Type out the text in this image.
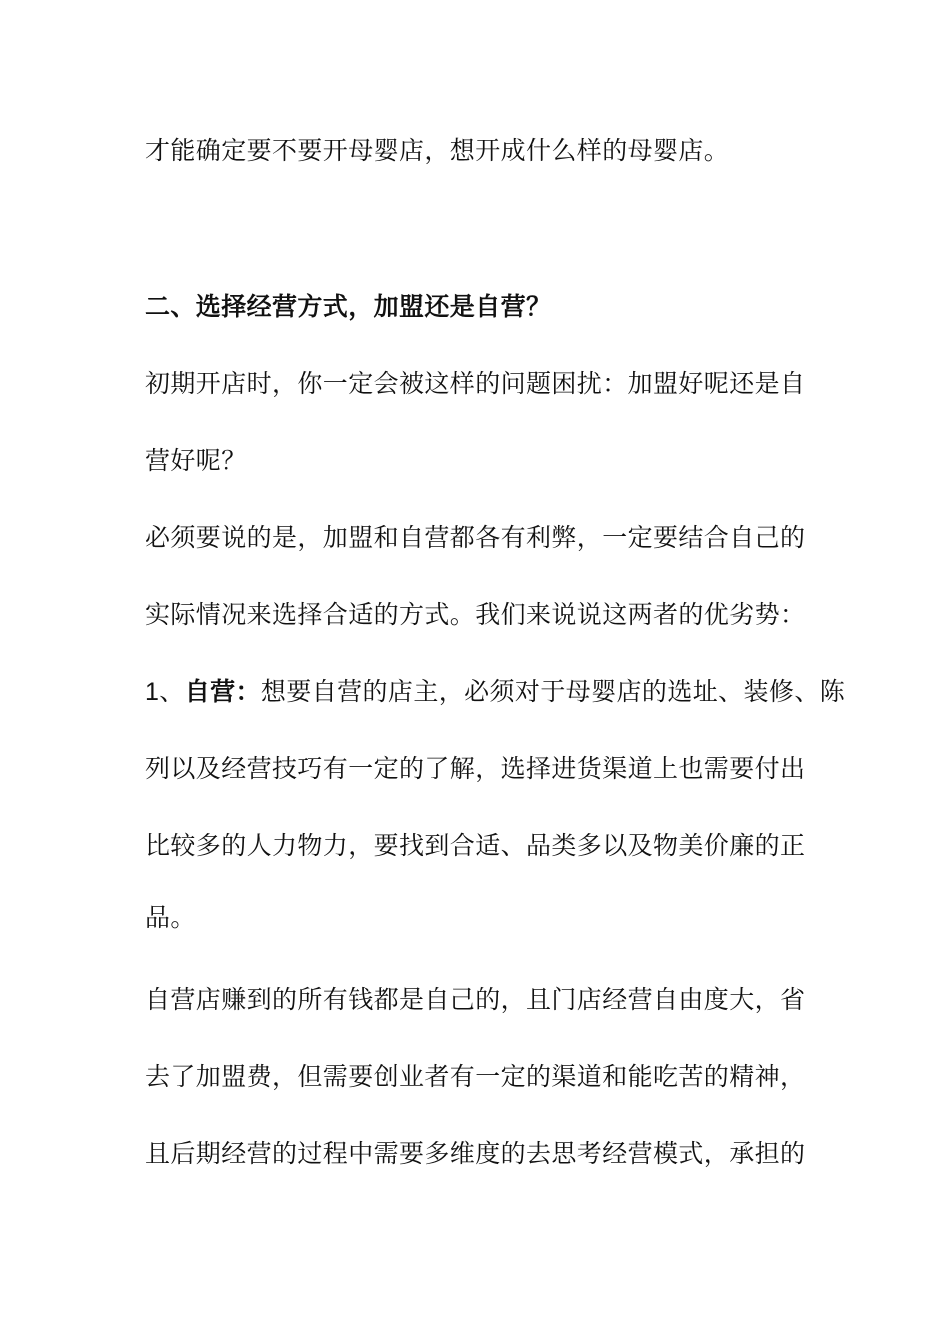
才能确定要不要开母婴店，想开成什么样的母婴店。
二、选择经营方式，加盟还是自营？
初期开店时，你一定会被这样的问题困扰：加盟好呢还是自
营好呢？
必须要说的是，加盟和自营都各有利弊，一定要结合自己的
实际情况来选择合适的方式。我们来说说这两者的优劣势：
1、自营：想要自营的店主，必须对于母婴店的选址、装修、陈
列以及经营技巧有一定的了解，选择进货渠道上也需要付出
比较多的人力物力，要找到合适、品类多以及物美价廉的正
品。
自营店赚到的所有钱都是自己的，且门店经营自由度大，省
去了加盟费，但需要创业者有一定的渠道和能吃苦的精神，
且后期经营的过程中需要多维度的去思考经营模式，承担的
